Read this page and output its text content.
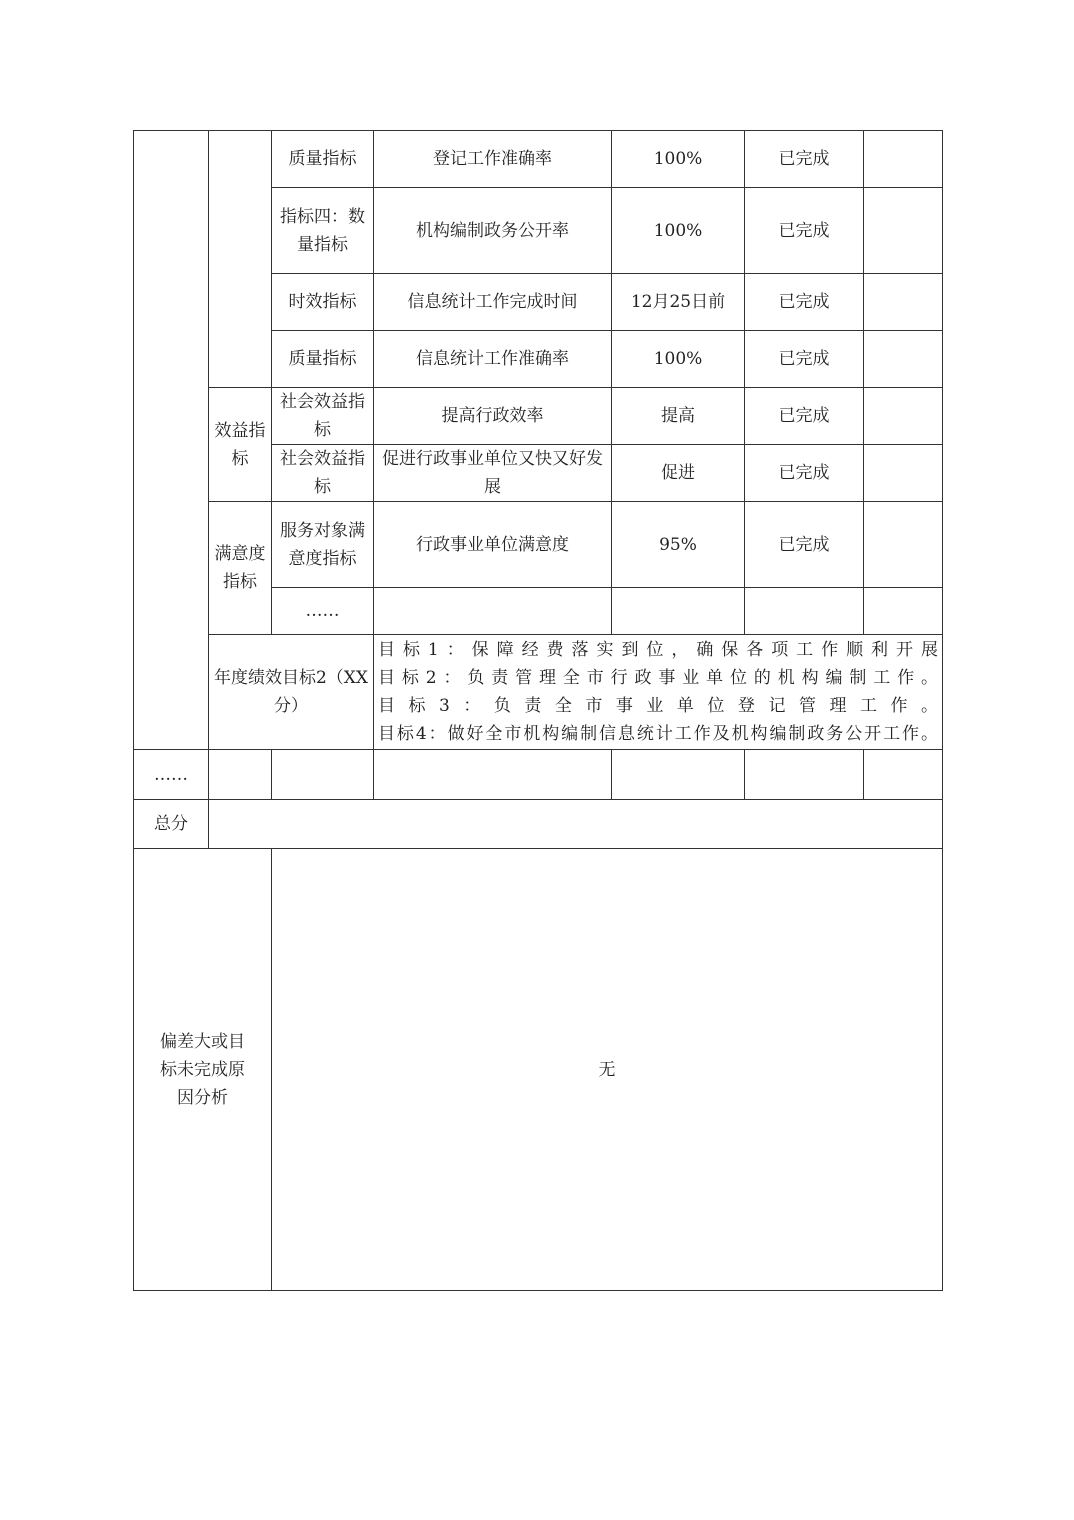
		质量指标	登记工作准确率	100%	已完成		
		指标四：数量指标	机构编制政务公开率	100%	已完成		
		时效指标	信息统计工作完成时间	12月25日前	已完成		
		质量指标	信息统计工作准确率	100%	已完成		
	效益指标	社会效益指标	提高行政效率	提高	已完成		
		社会效益指标	促进行政事业单位又快又好发展	促进	已完成		
	满意度指标	服务对象满意度指标	行政事业单位满意度	95%	已完成		
		……					
	年度绩效目标2（XX分）		目标1：保障经费落实到位，确保各项工作顺利开展
目标2：负责管理全市行政事业单位的机构编制工作。
目标3：负责全市事业单位登记管理工作。
目标4：做好全市机构编制信息统计工作及机构编制政务公开工作。

……							
总分							
偏差大或目标未完成原因分析		无					
